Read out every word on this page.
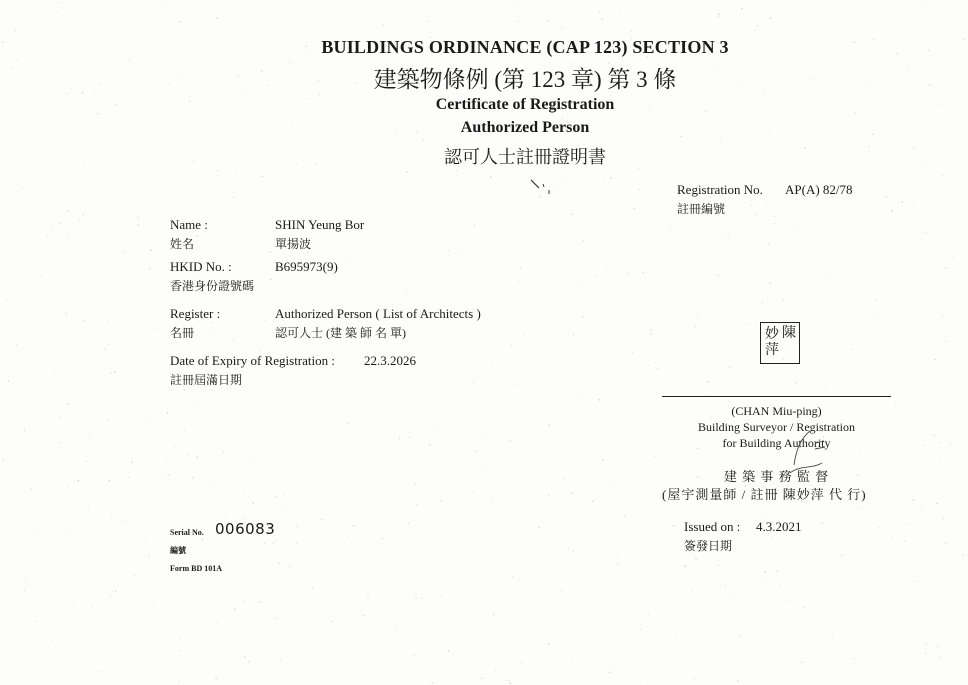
BUILDINGS ORDINANCE (CAP 123) SECTION 3
建築物條例 (第 123 章) 第 3 條
Certificate of Registration
Authorized Person
認可人士註冊證明書
Registration No. AP(A) 82/78
註冊編號
Name :
姓名
SHIN Yeung Bor
單揚波
HKID No. :
香港身份證號碼
B695973(9)
Register :
名冊
Authorized Person ( List of Architects )
認可人士 (建 築 師 名 單)
Date of Expiry of Registration : 22.3.2026
註冊屆滿日期
陳
妙
萍
(CHAN Miu-ping)
Building Surveyor / Registration
for Building Authority
建 築 事 務 監 督
(屋宇測量師 / 註冊 陳妙萍 代 行)
Issued on : 4.3.2021
簽發日期
Serial No. 006083
編號
Form BD 101A
